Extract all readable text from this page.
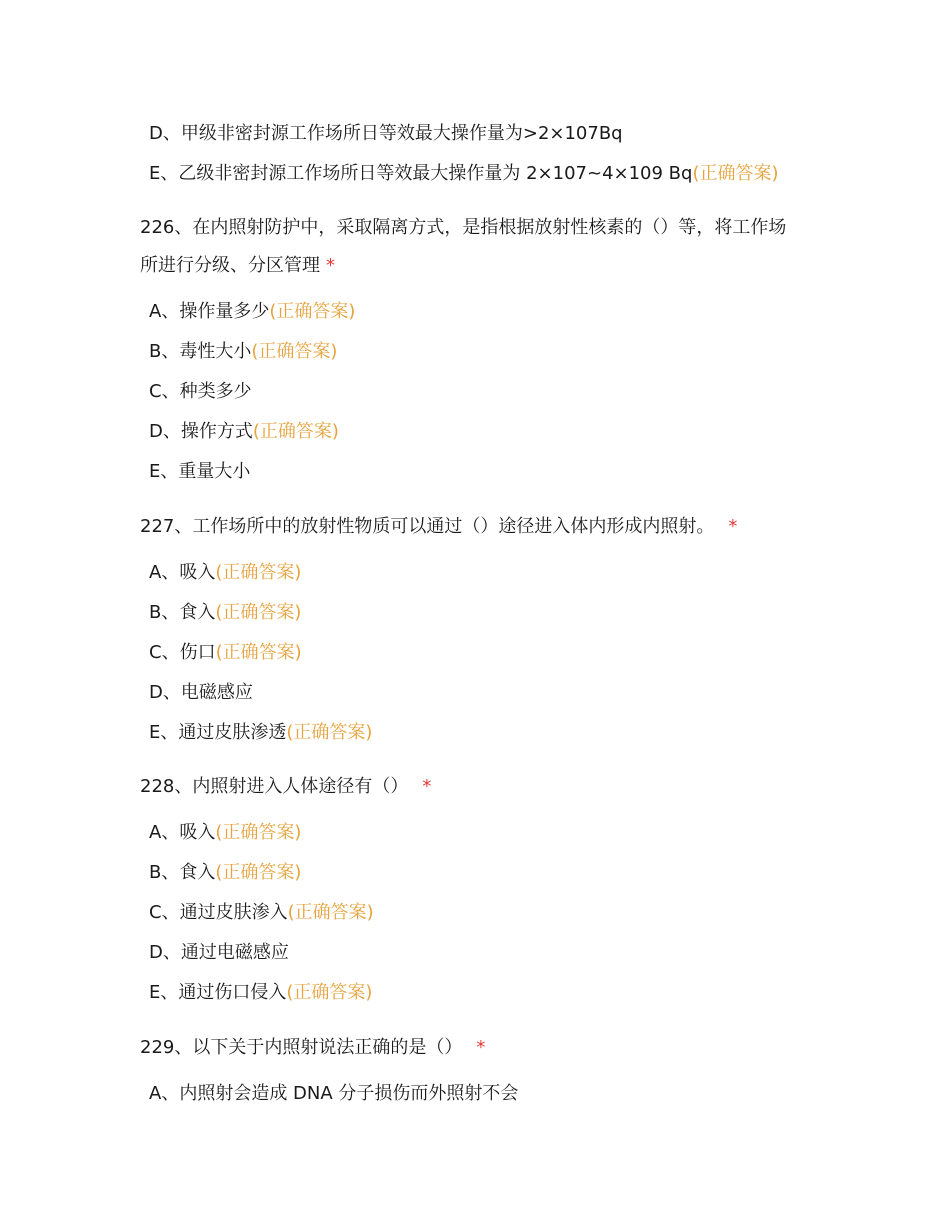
D、甲级非密封源工作场所日等效最大操作量为>2×107Bq
E、乙级非密封源工作场所日等效最大操作量为 2×107~4×109 Bq(正确答案)
226、在内照射防护中，采取隔离方式，是指根据放射性核素的（）等，将工作场
所进行分级、分区管理 *
A、操作量多少(正确答案)
B、毒性大小(正确答案)
C、种类多少
D、操作方式(正确答案)
E、重量大小
227、工作场所中的放射性物质可以通过（）途径进入体内形成内照射。 *
A、吸入(正确答案)
B、食入(正确答案)
C、伤口(正确答案)
D、电磁感应
E、通过皮肤渗透(正确答案)
228、内照射进入人体途径有（） *
A、吸入(正确答案)
B、食入(正确答案)
C、通过皮肤渗入(正确答案)
D、通过电磁感应
E、通过伤口侵入(正确答案)
229、以下关于内照射说法正确的是（） *
A、内照射会造成 DNA 分子损伤而外照射不会
